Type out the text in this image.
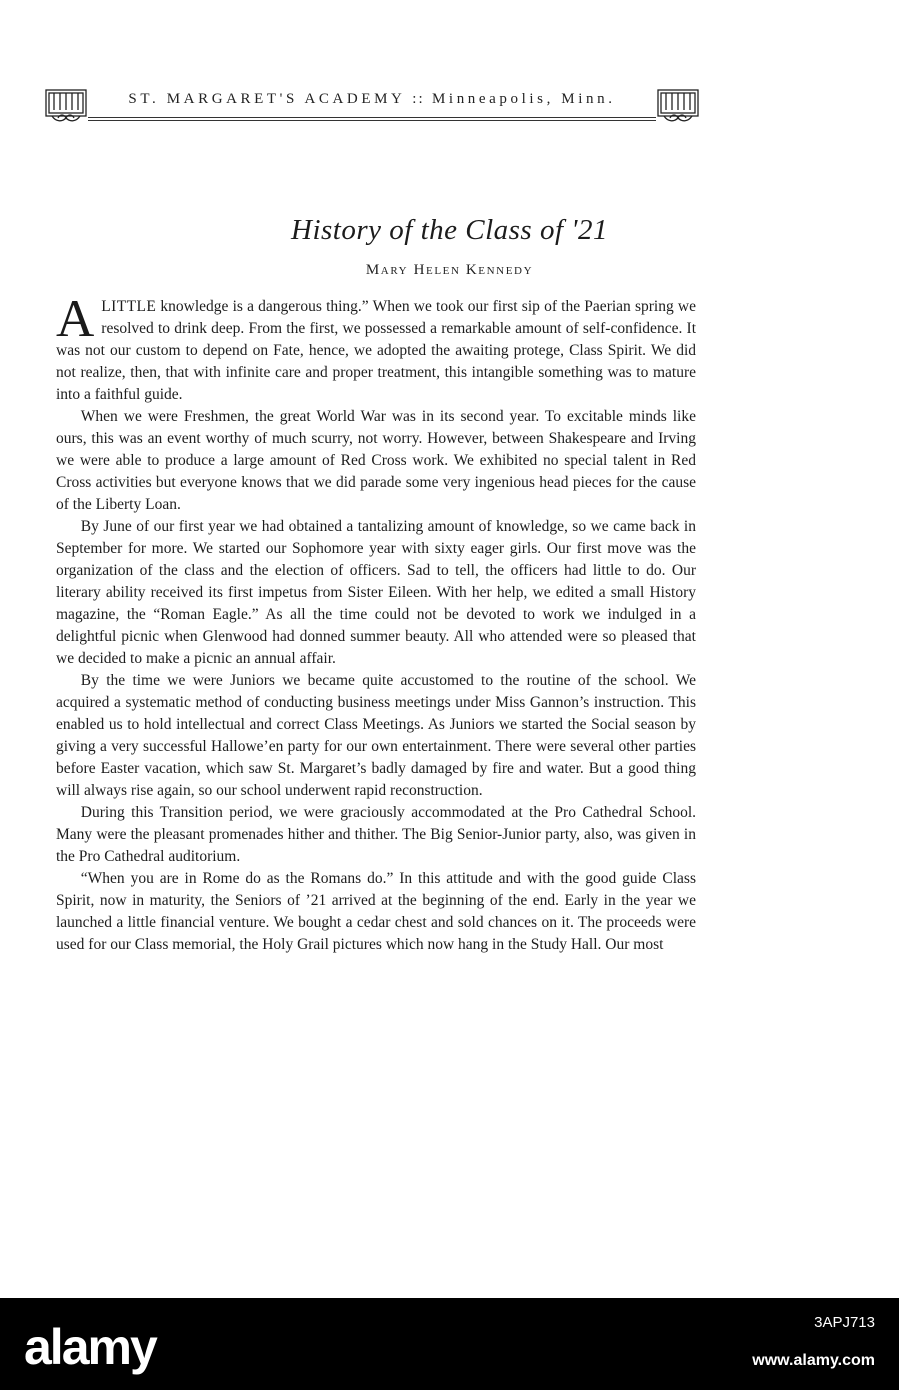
ST. MARGARET'S ACADEMY :: Minneapolis, Minn.
History of the Class of '21
Mary Helen Kennedy

ALITTLE knowledge is a dangerous thing.” When we took our first sip of the Paerian spring we resolved to drink deep. From the first, we possessed a remarkable amount of self-confidence. It was not our custom to depend on Fate, hence, we adopted the awaiting protege, Class Spirit. We did not realize, then, that with infinite care and proper treatment, this intangible something was to mature into a faithful guide.

When we were Freshmen, the great World War was in its second year. To excitable minds like ours, this was an event worthy of much scurry, not worry. However, between Shakespeare and Irving we were able to produce a large amount of Red Cross work. We exhibited no special talent in Red Cross activities but everyone knows that we did parade some very ingenious head pieces for the cause of the Liberty Loan.

By June of our first year we had obtained a tantalizing amount of knowledge, so we came back in September for more. We started our Sophomore year with sixty eager girls. Our first move was the organization of the class and the election of officers. Sad to tell, the officers had little to do. Our literary ability received its first impetus from Sister Eileen. With her help, we edited a small History magazine, the “Roman Eagle.” As all the time could not be devoted to work we indulged in a delightful picnic when Glenwood had donned summer beauty. All who attended were so pleased that we decided to make a picnic an annual affair.

By the time we were Juniors we became quite accustomed to the routine of the school. We acquired a systematic method of conducting business meetings under Miss Gannon’s instruction. This enabled us to hold intellectual and correct Class Meetings. As Juniors we started the Social season by giving a very successful Hallowe’en party for our own entertainment. There were several other parties before Easter vacation, which saw St. Margaret’s badly damaged by fire and water. But a good thing will always rise again, so our school underwent rapid reconstruction.

During this Transition period, we were graciously accommodated at the Pro Cathedral School. Many were the pleasant promenades hither and thither. The Big Senior-Junior party, also, was given in the Pro Cathedral auditorium.

“When you are in Rome do as the Romans do.” In this attitude and with the good guide Class Spirit, now in maturity, the Seniors of ’21 arrived at the beginning of the end. Early in the year we launched a little financial venture. We bought a cedar chest and sold chances on it. The proceeds were used for our Class memorial, the Holy Grail pictures which now hang in the Study Hall. Our most

alamy	3APJ713
www.alamy.com
